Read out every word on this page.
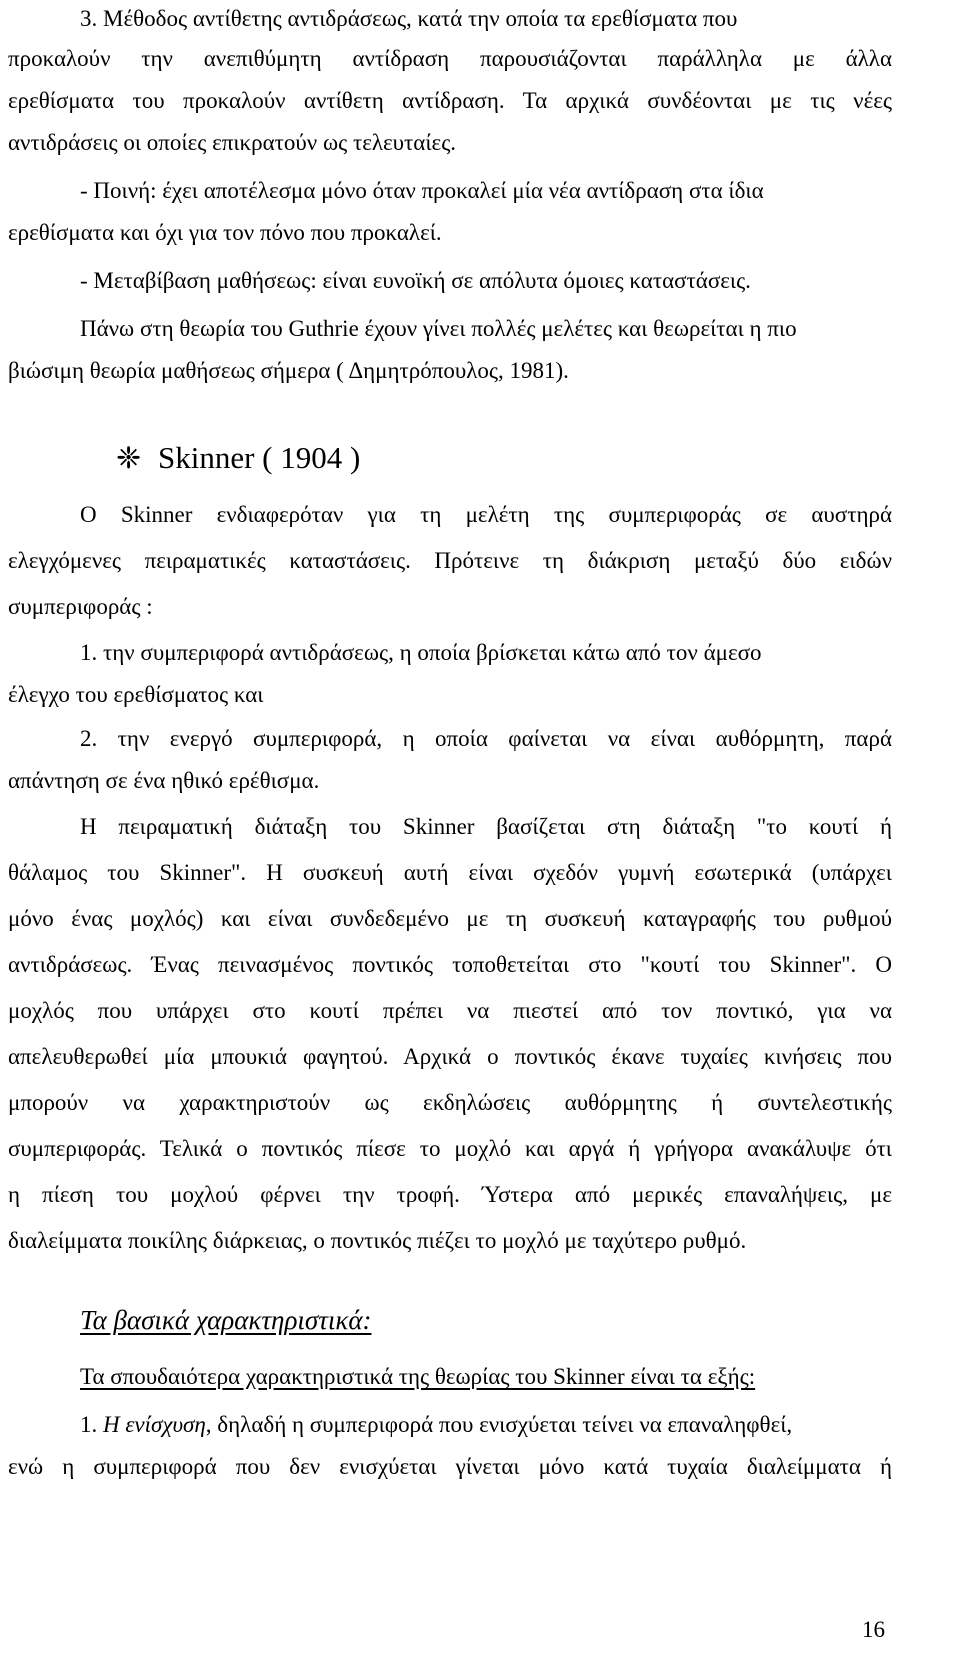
3. Μέθοδος αντίθετης αντιδράσεως, κατά την οποία τα ερεθίσματα που
προκαλούν την ανεπιθύμητη αντίδραση παρουσιάζονται παράλληλα με άλλα
ερεθίσματα του προκαλούν αντίθετη αντίδραση. Τα αρχικά συνδέονται με τις νέες
αντιδράσεις οι οποίες επικρατούν ως τελευταίες.
- Ποινή: έχει αποτέλεσμα μόνο όταν προκαλεί μία νέα αντίδραση στα ίδια
ερεθίσματα και όχι για τον πόνο που προκαλεί.
- Μεταβίβαση μαθήσεως: είναι ευνοϊκή σε απόλυτα όμοιες καταστάσεις.
Πάνω στη θεωρία του Guthrie έχουν γίνει πολλές μελέτες και θεωρείται η πιο
βιώσιμη θεωρία μαθήσεως σήμερα ( Δημητρόπουλος, 1981).
❈ Skinner ( 1904 )
Ο Skinner ενδιαφερόταν για τη μελέτη της συμπεριφοράς σε αυστηρά
ελεγχόμενες πειραματικές καταστάσεις. Πρότεινε τη διάκριση μεταξύ δύο ειδών
συμπεριφοράς :
1. την συμπεριφορά αντιδράσεως, η οποία βρίσκεται κάτω από τον άμεσο
έλεγχο του ερεθίσματος και
2. την ενεργό συμπεριφορά, η οποία φαίνεται να είναι αυθόρμητη, παρά
απάντηση σε ένα ηθικό ερέθισμα.
Η πειραματική διάταξη του Skinner βασίζεται στη διάταξη "το κουτί ή
θάλαμος του Skinner". Η συσκευή αυτή είναι σχεδόν γυμνή εσωτερικά (υπάρχει
μόνο ένας μοχλός) και είναι συνδεδεμένο με τη συσκευή καταγραφής του ρυθμού
αντιδράσεως. Ένας πεινασμένος ποντικός τοποθετείται στο "κουτί του Skinner". Ο
μοχλός που υπάρχει στο κουτί πρέπει να πιεστεί από τον ποντικό, για να
απελευθερωθεί μία μπουκιά φαγητού. Αρχικά ο ποντικός έκανε τυχαίες κινήσεις που
μπορούν να χαρακτηριστούν ως εκδηλώσεις αυθόρμητης ή συντελεστικής
συμπεριφοράς. Τελικά ο ποντικός πίεσε το μοχλό και αργά ή γρήγορα ανακάλυψε ότι
η πίεση του μοχλού φέρνει την τροφή. Ύστερα από μερικές επαναλήψεις, με
διαλείμματα ποικίλης διάρκειας, ο ποντικός πιέζει το μοχλό με ταχύτερο ρυθμό.
Τα βασικά χαρακτηριστικά:
Τα σπουδαιότερα χαρακτηριστικά της θεωρίας του Skinner είναι τα εξής:
1. Η ενίσχυση, δηλαδή η συμπεριφορά που ενισχύεται τείνει να επαναληφθεί,
ενώ η συμπεριφορά που δεν ενισχύεται γίνεται μόνο κατά τυχαία διαλείμματα ή
16
